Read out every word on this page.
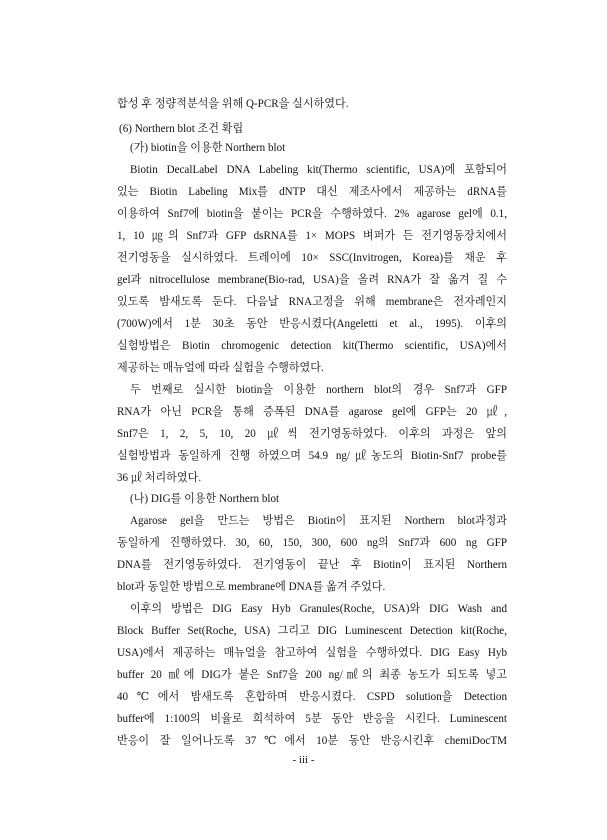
합성 후 정량적분석을 위해 Q-PCR을 실시하였다.
(6) Northern blot 조건 확립
(가) biotin을 이용한 Northern blot
Biotin DecalLabel DNA Labeling kit(Thermo scientific, USA)에 포함되어
있는 Biotin Labeling Mix를 dNTP 대신 제조사에서 제공하는 dRNA를
이용하여 Snf7에 biotin을 붙이는 PCR을 수행하였다. 2% agarose gel에 0.1,
1, 10 ㎍의 Snf7과 GFP dsRNA를 1× MOPS 벼퍼가 든 전기영동장치에서
전기영동을 실시하였다. 트레이에 10× SSC(Invitrogen, Korea)를 채운 후
gel과 nitrocellulose membrane(Bio-rad, USA)을 올려 RNA가 잘 옮겨 질 수
있도록 밤새도록 둔다. 다음날 RNA고정을 위해 membrane은 전자레인지
(700W)에서 1분 30초 동안 반응시켰다(Angeletti et al., 1995). 이후의
실험방법은 Biotin chromogenic detection kit(Thermo scientific, USA)에서
제공하는 매뉴얼에 따라 실험을 수행하였다.
두 번째로 실시한 biotin을 이용한 northern blot의 경우 Snf7과 GFP
RNA가 아닌 PCR을 통해 증폭된 DNA를 agarose gel에 GFP는 20 ㎕,
Snf7은 1, 2, 5, 10, 20 ㎕씩 전기영동하였다. 이후의 과정은 앞의
실험방법과 동일하게 진행 하였으며 54.9 ng/㎕농도의 Biotin-Snf7 probe를
36 ㎕ 처리하였다.
(나) DIG를 이용한 Northern blot
Agarose gel을 만드는 방법은 Biotin이 표지된 Northern blot과정과
동일하게 진행하였다. 30, 60, 150, 300, 600 ng의 Snf7과 600 ng GFP
DNA를 전기영동하였다. 전기영동이 끝난 후 Biotin이 표지된 Northern
blot과 동일한 방법으로 membrane에 DNA를 옮겨 주었다.
이후의 방법은 DIG Easy Hyb Granules(Roche, USA)와 DIG Wash and
Block Buffer Set(Roche, USA) 그리고 DIG Luminescent Detection kit(Roche,
USA)에서 제공하는 매뉴얼을 참고하여 실험을 수행하였다. DIG Easy Hyb
buffer 20 ㎖에 DIG가 붙은 Snf7을 200 ng/㎖의 최종 농도가 되도록 넣고
40℃에서 밤새도록 혼합하며 반응시켰다. CSPD solution을 Detection
buffer에 1:100의 비율로 희석하여 5분 동안 반응을 시킨다. Luminescent
반응이 잘 일어나도록 37℃에서 10분 동안 반응시킨후 chemiDocTM
- iii -
